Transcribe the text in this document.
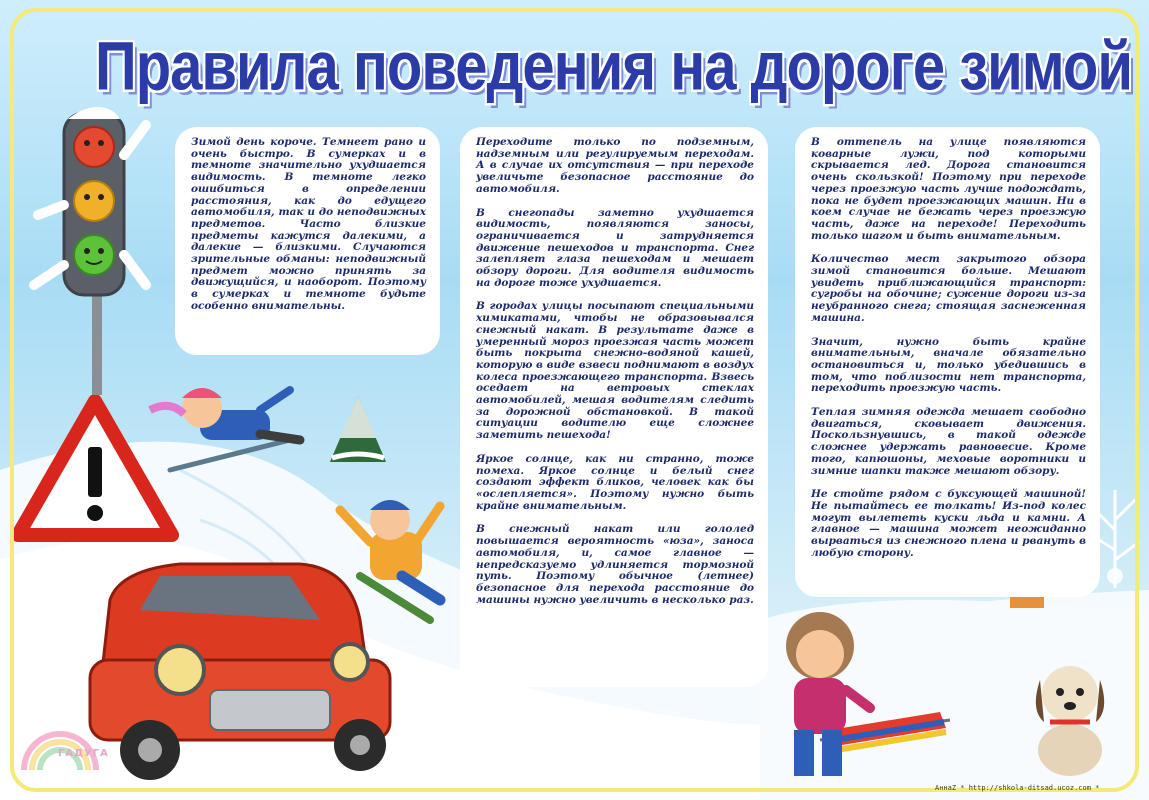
ГАДУГА
Правила поведения на дороге зимой

Зимой день короче. Темнеет рано и очень быстро. В сумерках и в темноте значительно ухудшается видимость. В темноте легко ошибиться в определении расстояния, как до едущего автомобиля, так и до неподвижных предметов. Часто близкие предметы кажутся далекими, а далекие — близкими. Случаются зрительные обманы: неподвижный предмет можно принять за движущийся, и наоборот. Поэтому в сумерках и темноте будьте особенно внимательны.

Переходите только по подземным, надземным или регулируемым переходам. А в случае их отсутствия — при переходе увеличьте безопасное расстояние до автомобиля.

В снегопады заметно ухудшается видимость, появляются заносы, ограничивается и затрудняется движение пешеходов и транспорта. Снег залепляет глаза пешеходам и мешает обзору дороги. Для водителя видимость на дороге тоже ухудшается.

В городах улицы посыпают специальными химикатами, чтобы не образовывался снежный накат. В результате даже в умеренный мороз проезжая часть может быть покрыта снежно-водяной кашей, которую в виде взвеси поднимают в воздух колеса проезжающего транспорта. Взвесь оседает на ветровых стеклах автомобилей, мешая водителям следить за дорожной обстановкой. В такой ситуации водителю еще сложнее заметить пешехода!

Яркое солнце, как ни странно, тоже помеха. Яркое солнце и белый снег создают эффект бликов, человек как бы «ослепляется». Поэтому нужно быть крайне внимательным.

В снежный накат или гололед повышается вероятность «юза», заноса автомобиля, и, самое главное — непредсказуемо удлиняется тормозной путь. Поэтому обычное (летнее) безопасное для перехода расстояние до машины нужно увеличить в несколько раз.

В оттепель на улице появляются коварные лужи, под которыми скрывается лед. Дорога становится очень скользкой! Поэтому при переходе через проезжую часть лучше подождать, пока не будет проезжающих машин. Ни в коем случае не бежать через проезжую часть, даже на переходе! Переходить только шагом и быть внимательным.

Количество мест закрытого обзора зимой становится больше. Мешают увидеть приближающийся транспорт: сугробы на обочине; сужение дороги из-за неубранного снега; стоящая заснеженная машина.

Значит, нужно быть крайне внимательным, вначале обязательно остановиться и, только убедившись в том, что поблизости нет транспорта, переходить проезжую часть.

Теплая зимняя одежда мешает свободно двигаться, сковывает движения. Поскользнувшись, в такой одежде сложнее удержать равновесие. Кроме того, капюшоны, меховые воротники и зимние шапки также мешают обзору.

Не стойте рядом с буксующей машиной! Не пытайтесь ее толкать! Из-под колес могут вылететь куски льда и камни. А главное — машина может неожиданно вырваться из снежного плена и рвануть в любую сторону.

АннаZ * http://shkola-ditsad.ucoz.com *
